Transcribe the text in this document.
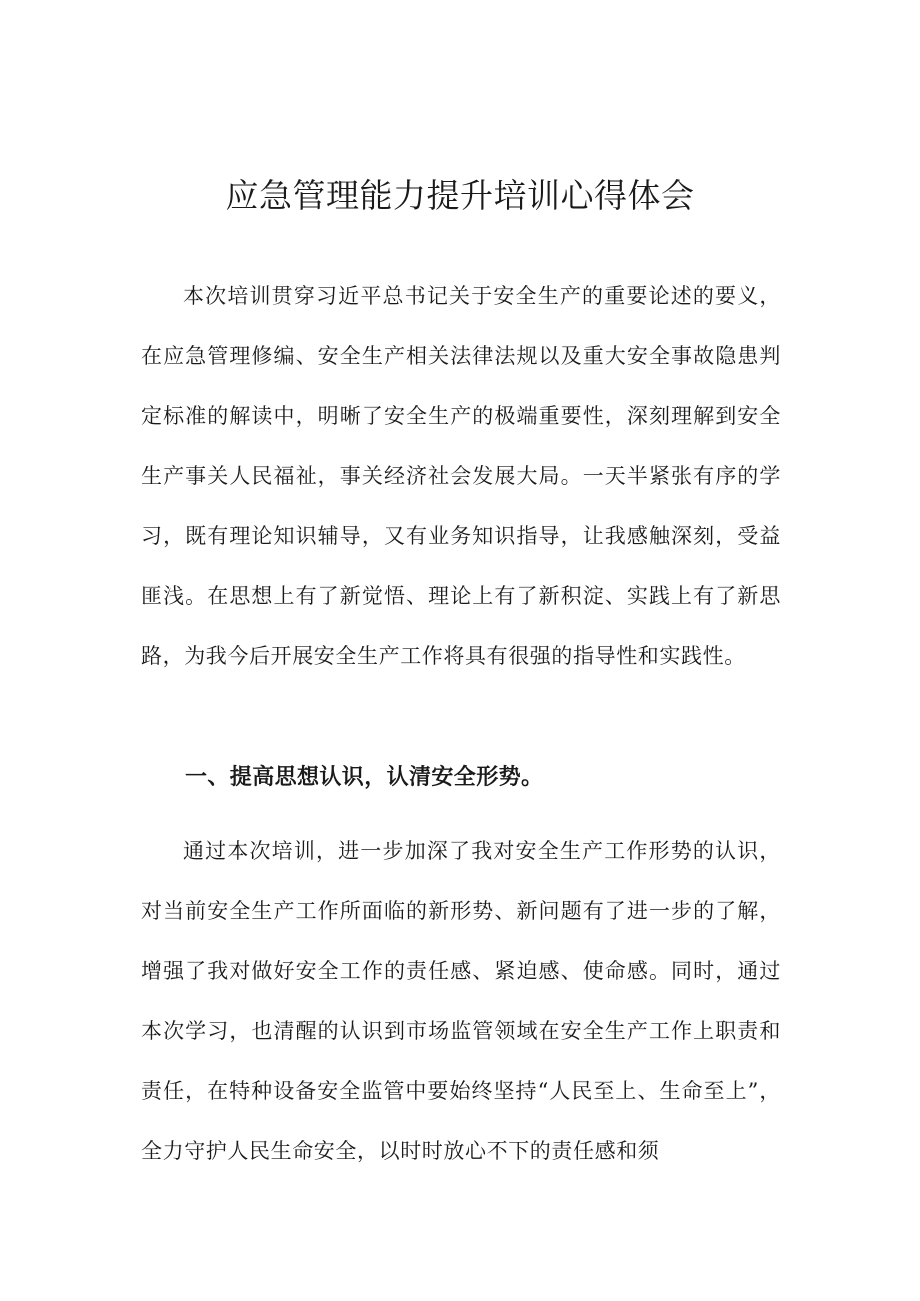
应急管理能力提升培训心得体会

本次培训贯穿习近平总书记关于安全生产的重要论述的要义，在应急管理修编、安全生产相关法律法规以及重大安全事故隐患判定标准的解读中，明晰了安全生产的极端重要性，深刻理解到安全生产事关人民福祉，事关经济社会发展大局。一天半紧张有序的学习，既有理论知识辅导，又有业务知识指导，让我感触深刻，受益匪浅。在思想上有了新觉悟、理论上有了新积淀、实践上有了新思路，为我今后开展安全生产工作将具有很强的指导性和实践性。

一、提高思想认识，认清安全形势。

通过本次培训，进一步加深了我对安全生产工作形势的认识，对当前安全生产工作所面临的新形势、新问题有了进一步的了解，增强了我对做好安全工作的责任感、紧迫感、使命感。同时，通过本次学习，也清醒的认识到市场监管领域在安全生产工作上职责和责任，在特种设备安全监管中要始终坚持“人民至上、生命至上”，全力守护人民生命安全，以时时放心不下的责任感和须
